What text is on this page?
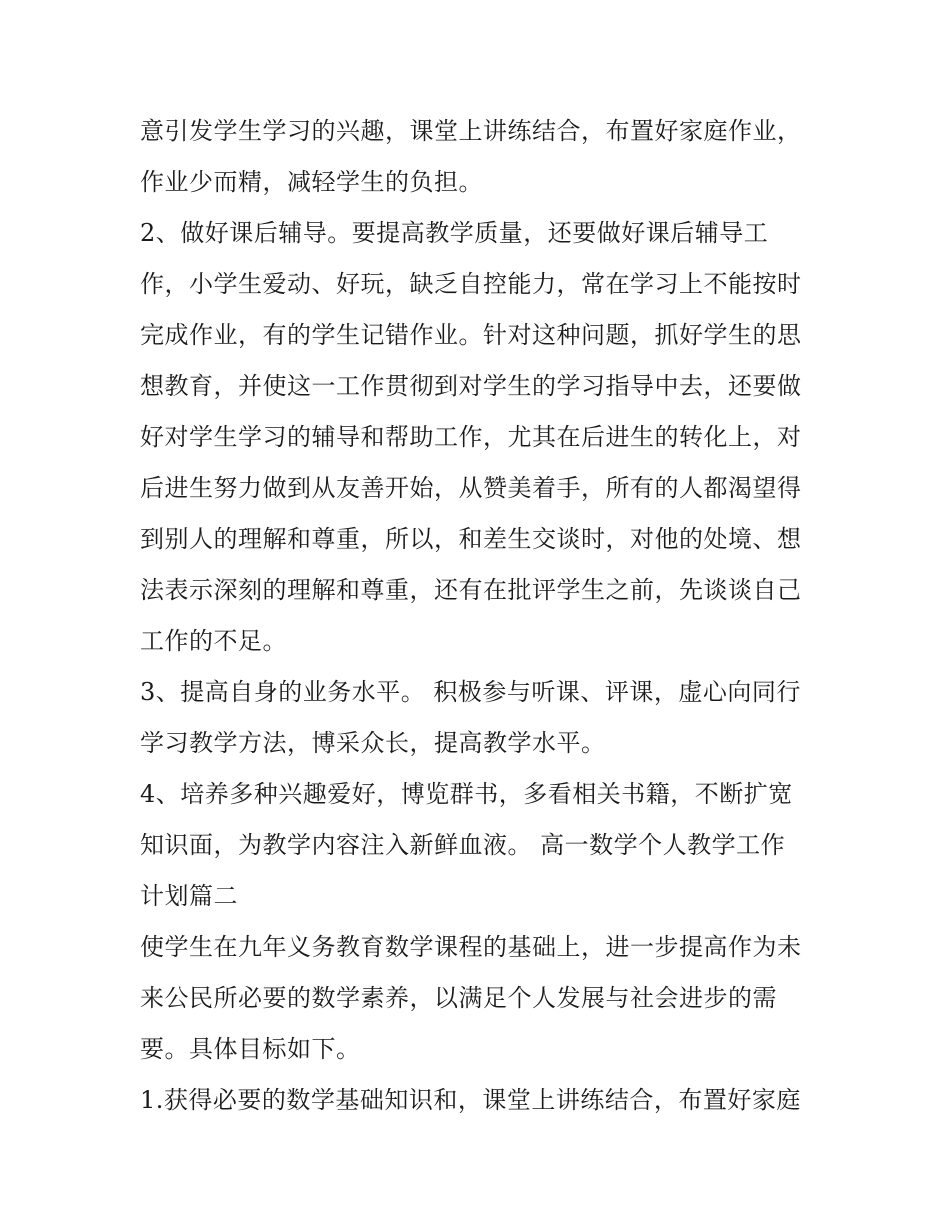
意引发学生学习的兴趣，课堂上讲练结合，布置好家庭作业，
作业少而精，减轻学生的负担。
2、做好课后辅导。要提高教学质量，还要做好课后辅导工
作，小学生爱动、好玩，缺乏自控能力，常在学习上不能按时
完成作业，有的学生记错作业。针对这种问题，抓好学生的思
想教育，并使这一工作贯彻到对学生的学习指导中去，还要做
好对学生学习的辅导和帮助工作，尤其在后进生的转化上，对
后进生努力做到从友善开始，从赞美着手，所有的人都渴望得
到别人的理解和尊重，所以，和差生交谈时，对他的处境、想
法表示深刻的理解和尊重，还有在批评学生之前，先谈谈自己
工作的不足。
3、提高自身的业务水平。 积极参与听课、评课，虚心向同行
学习教学方法，博采众长，提高教学水平。
4、培养多种兴趣爱好，博览群书，多看相关书籍，不断扩宽
知识面，为教学内容注入新鲜血液。 高一数学个人教学工作
计划篇二
使学生在九年义务教育数学课程的基础上，进一步提高作为未
来公民所必要的数学素养，以满足个人发展与社会进步的需
要。具体目标如下。
1.获得必要的数学基础知识和，课堂上讲练结合，布置好家庭
